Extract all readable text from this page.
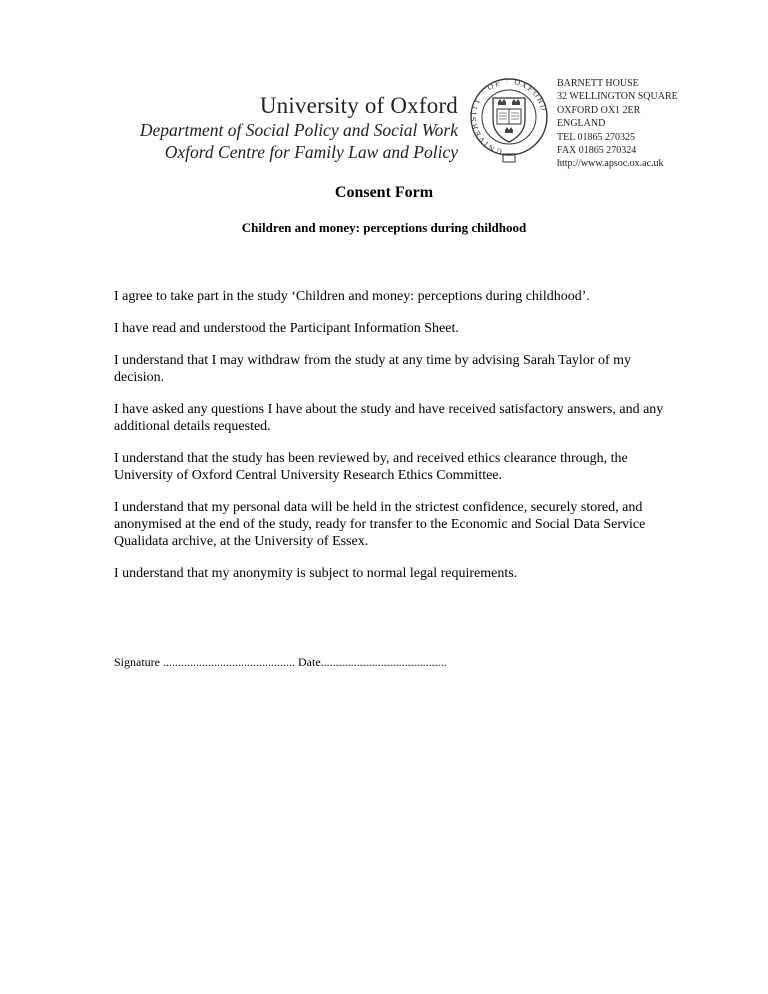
University of Oxford
Department of Social Policy and Social Work
Oxford Centre for Family Law and Policy	UNIVERSITY · OF · OXFORD
BARNETT HOUSE
32 WELLINGTON SQUARE
OXFORD OX1 2ER
ENGLAND
TEL 01865 270325
FAX 01865 270324
http://www.apsoc.ox.ac.uk
Consent Form
Children and money: perceptions during childhood

I agree to take part in the study ‘Children and money: perceptions during childhood’.

I have read and understood the Participant Information Sheet.

I understand that I may withdraw from the study at any time by advising Sarah Taylor of my decision.

I have asked any questions I have about the study and have received satisfactory answers, and any additional details requested.

I understand that the study has been reviewed by, and received ethics clearance through, the University of Oxford Central University Research Ethics Committee.

I understand that my personal data will be held in the strictest confidence, securely stored, and anonymised at the end of the study, ready for transfer to the Economic and Social Data Service Qualidata archive, at the University of Essex.

I understand that my anonymity is subject to normal legal requirements.

Signature ............................................ Date..........................................
